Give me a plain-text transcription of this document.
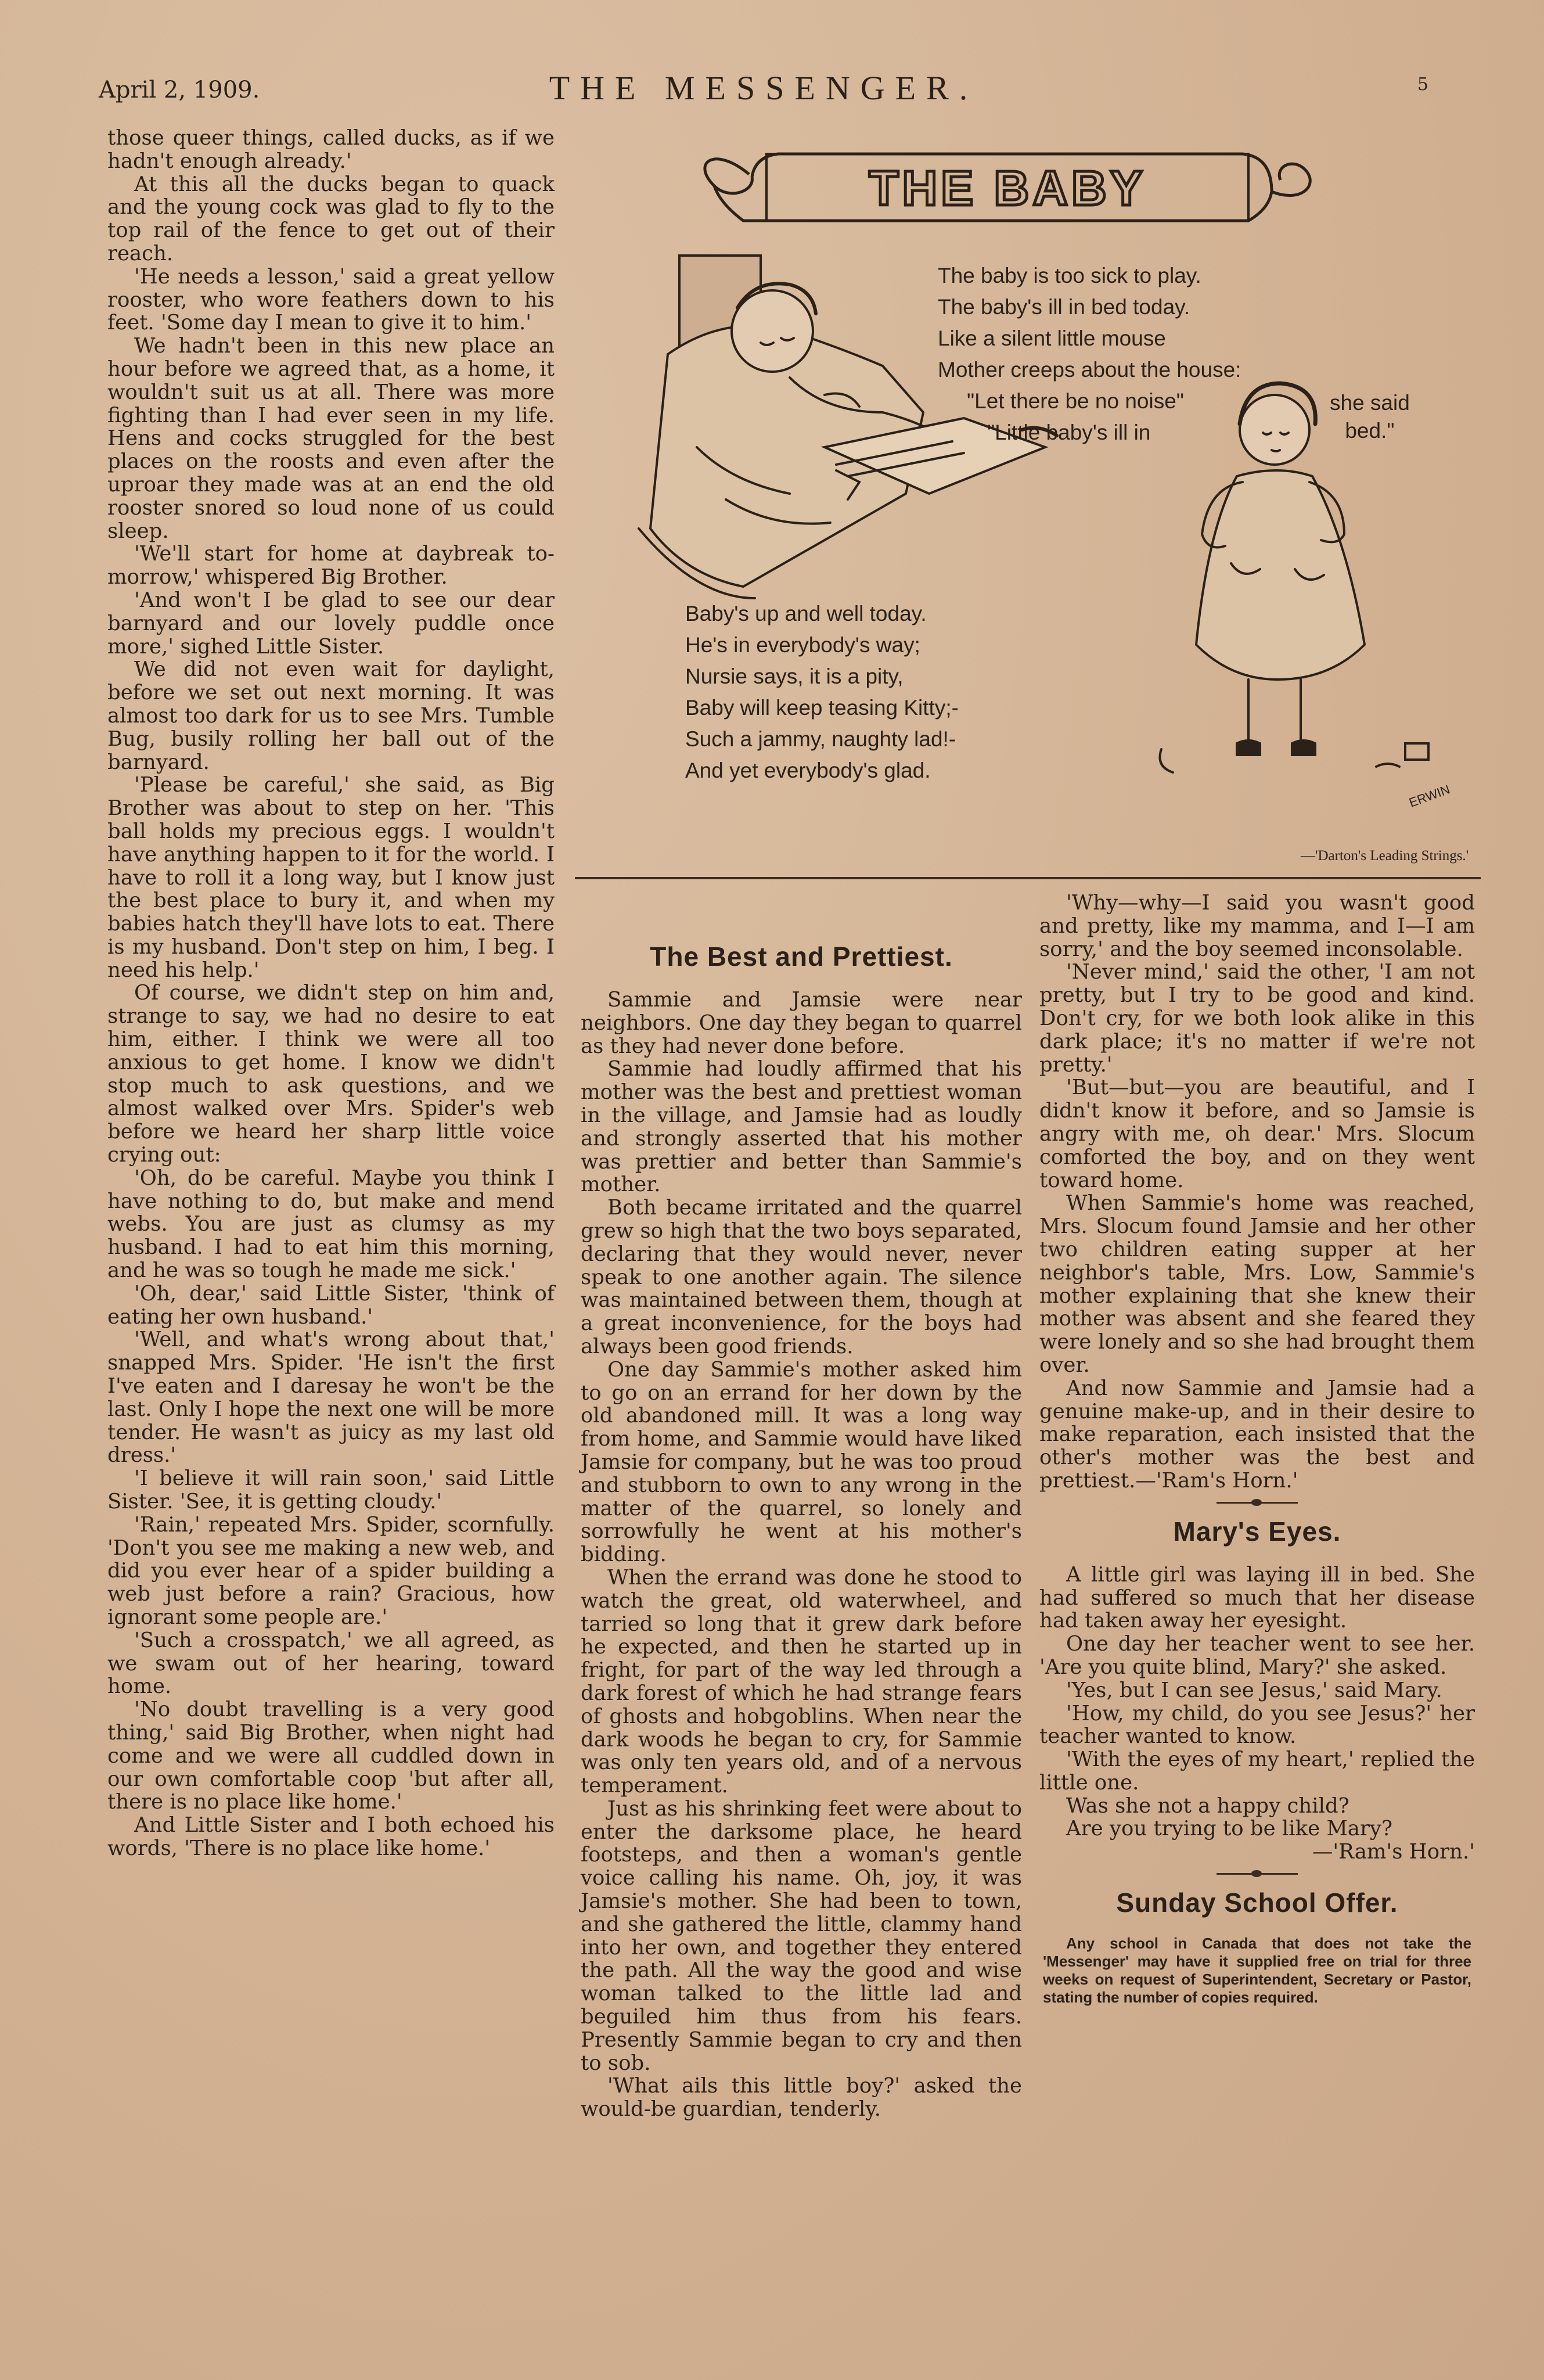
April 2, 1909.	THE MESSENGER.	5

those queer things, called ducks, as if we hadn't enough already.'

At this all the ducks began to quack and the young cock was glad to fly to the top rail of the fence to get out of their reach.

'He needs a lesson,' said a great yellow rooster, who wore feathers down to his feet. 'Some day I mean to give it to him.'

We hadn't been in this new place an hour before we agreed that, as a home, it wouldn't suit us at all. There was more fighting than I had ever seen in my life. Hens and cocks struggled for the best places on the roosts and even after the uproar they made was at an end the old rooster snored so loud none of us could sleep.

'We'll start for home at daybreak to-morrow,' whispered Big Brother.

'And won't I be glad to see our dear barnyard and our lovely puddle once more,' sighed Little Sister.

We did not even wait for daylight, before we set out next morning. It was almost too dark for us to see Mrs. Tumble Bug, busily rolling her ball out of the barnyard.

'Please be careful,' she said, as Big Brother was about to step on her. 'This ball holds my precious eggs. I wouldn't have anything happen to it for the world. I have to roll it a long way, but I know just the best place to bury it, and when my babies hatch they'll have lots to eat. There is my husband. Don't step on him, I beg. I need his help.'

Of course, we didn't step on him and, strange to say, we had no desire to eat him, either. I think we were all too anxious to get home. I know we didn't stop much to ask questions, and we almost walked over Mrs. Spider's web before we heard her sharp little voice crying out:

'Oh, do be careful. Maybe you think I have nothing to do, but make and mend webs. You are just as clumsy as my husband. I had to eat him this morning, and he was so tough he made me sick.'

'Oh, dear,' said Little Sister, 'think of eating her own husband.'

'Well, and what's wrong about that,' snapped Mrs. Spider. 'He isn't the first I've eaten and I daresay he won't be the last. Only I hope the next one will be more tender. He wasn't as juicy as my last old dress.'

'I believe it will rain soon,' said Little Sister. 'See, it is getting cloudy.'

'Rain,' repeated Mrs. Spider, scornfully. 'Don't you see me making a new web, and did you ever hear of a spider building a web just before a rain? Gracious, how ignorant some people are.'

'Such a crosspatch,' we all agreed, as we swam out of her hearing, toward home.

'No doubt travelling is a very good thing,' said Big Brother, when night had come and we were all cuddled down in our own comfortable coop 'but after all, there is no place like home.'

And Little Sister and I both echoed his words, 'There is no place like home.'

THE BABY
ERWIN
The baby is too sick to play.
The baby's ill in bed today.
Like a silent little mouse
Mother creeps about the house:
"Let there be no noise"
"Little baby's ill in
she said
bed."
Baby's up and well today.
He's in everybody's way;
Nursie says, it is a pity,
Baby will keep teasing Kitty;-
Such a jammy, naughty lad!-
And yet everybody's glad.
—'Darton's Leading Strings.'
The Best and Prettiest.

Sammie and Jamsie were near neighbors. One day they began to quarrel as they had never done before.

Sammie had loudly affirmed that his mother was the best and prettiest woman in the village, and Jamsie had as loudly and strongly asserted that his mother was prettier and better than Sammie's mother.

Both became irritated and the quarrel grew so high that the two boys separated, declaring that they would never, never speak to one another again. The silence was maintained between them, though at a great inconvenience, for the boys had always been good friends.

One day Sammie's mother asked him to go on an errand for her down by the old abandoned mill. It was a long way from home, and Sammie would have liked Jamsie for company, but he was too proud and stubborn to own to any wrong in the matter of the quarrel, so lonely and sorrowfully he went at his mother's bidding.

When the errand was done he stood to watch the great, old waterwheel, and tarried so long that it grew dark before he expected, and then he started up in fright, for part of the way led through a dark forest of which he had strange fears of ghosts and hobgoblins. When near the dark woods he began to cry, for Sammie was only ten years old, and of a nervous temperament.

Just as his shrinking feet were about to enter the darksome place, he heard footsteps, and then a woman's gentle voice calling his name. Oh, joy, it was Jamsie's mother. She had been to town, and she gathered the little, clammy hand into her own, and together they entered the path. All the way the good and wise woman talked to the little lad and beguiled him thus from his fears. Presently Sammie began to cry and then to sob.

'What ails this little boy?' asked the would-be guardian, tenderly.

'Why—why—I said you wasn't good and pretty, like my mamma, and I—I am sorry,' and the boy seemed inconsolable.

'Never mind,' said the other, 'I am not pretty, but I try to be good and kind. Don't cry, for we both look alike in this dark place; it's no matter if we're not pretty.'

'But—but—you are beautiful, and I didn't know it before, and so Jamsie is angry with me, oh dear.' Mrs. Slocum comforted the boy, and on they went toward home.

When Sammie's home was reached, Mrs. Slocum found Jamsie and her other two children eating supper at her neighbor's table, Mrs. Low, Sammie's mother explaining that she knew their mother was absent and she feared they were lonely and so she had brought them over.

And now Sammie and Jamsie had a genuine make-up, and in their desire to make reparation, each insisted that the other's mother was the best and prettiest.—'Ram's Horn.'

Mary's Eyes.

A little girl was laying ill in bed. She had suffered so much that her disease had taken away her eyesight.

One day her teacher went to see her. 'Are you quite blind, Mary?' she asked.

'Yes, but I can see Jesus,' said Mary.

'How, my child, do you see Jesus?' her teacher wanted to know.

'With the eyes of my heart,' replied the little one.

Was she not a happy child?

Are you trying to be like Mary?

—'Ram's Horn.'

Sunday School Offer.

Any school in Canada that does not take the 'Messenger' may have it supplied free on trial for three weeks on request of Superintendent, Secretary or Pastor, stating the number of copies required.
